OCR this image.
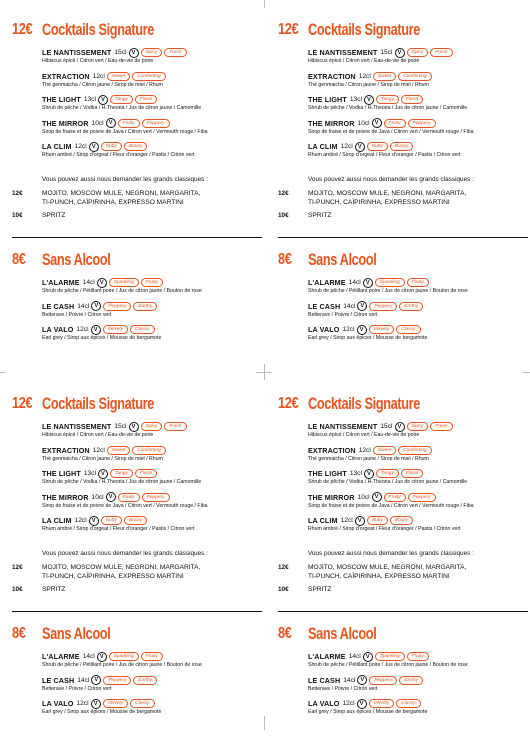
12€ Cocktails Signature
LE NANTISSEMENT 15cl V	Spicy	Fresh
Hibiscus épicé / Citron vert / Eau-de-vie de poire
EXTRACTION 12cl	Sweet	Comforting
Thé genmaicha / Citron jaune / Sirop de miel / Rhum
THE LIGHT 13cl V	Tangy	Floral
Shrub de pêche / Vodka / H.Theoria / Jus de citron jaune / Camomille
THE MIRROR 10cl V	Fruity	Peppery
Sirop de fraise et de poivre de Java / Citron vert / Vermouth rouge / Fiba
LA CLIM 12cl V	Nutty	Boozy
Rhum ambré / Sirop d'orgeat / Fleur d'oranger / Pastis / Citron vert
Vous pouvez aussi nous demander les grands classiques :
12€	MOJITO, MOSCOW MULE, NEGRONI, MARGARITA,
TI-PUNCH, CAÏPIRINHA, EXPRESSO MARTINI
10€	SPRITZ
8€ Sans Alcool
L'ALARME 14cl V	Sparkling	Fruity
Shrub de pêche / Pétillant poire / Jus de citron jaune / Bouton de rose
LE CASH 14cl V	Peppery	Earthy
Betterave / Poivre / Citron vert
LA VALO 12cl V	Velvety	Classy
Earl grey / Sirop aux épices / Mousse de bergamote
12€ Cocktails Signature
LE NANTISSEMENT 15cl V	Spicy	Fresh
Hibiscus épicé / Citron vert / Eau-de-vie de poire
EXTRACTION 12cl	Sweet	Comforting
Thé genmaicha / Citron jaune / Sirop de miel / Rhum
THE LIGHT 13cl V	Tangy	Floral
Shrub de pêche / Vodka / H.Theoria / Jus de citron jaune / Camomille
THE MIRROR 10cl V	Fruity	Peppery
Sirop de fraise et de poivre de Java / Citron vert / Vermouth rouge / Fiba
LA CLIM 12cl V	Nutty	Boozy
Rhum ambré / Sirop d'orgeat / Fleur d'oranger / Pastis / Citron vert
Vous pouvez aussi nous demander les grands classiques :
12€	MOJITO, MOSCOW MULE, NEGRONI, MARGARITA,
TI-PUNCH, CAÏPIRINHA, EXPRESSO MARTINI
10€	SPRITZ
8€ Sans Alcool
L'ALARME 14cl V	Sparkling	Fruity
Shrub de pêche / Pétillant poire / Jus de citron jaune / Bouton de rose
LE CASH 14cl V	Peppery	Earthy
Betterave / Poivre / Citron vert
LA VALO 12cl V	Velvety	Classy
Earl grey / Sirop aux épices / Mousse de bergamote
12€ Cocktails Signature
LE NANTISSEMENT 15cl V	Spicy	Fresh
Hibiscus épicé / Citron vert / Eau-de-vie de poire
EXTRACTION 12cl	Sweet	Comforting
Thé genmaicha / Citron jaune / Sirop de miel / Rhum
THE LIGHT 13cl V	Tangy	Floral
Shrub de pêche / Vodka / H.Theoria / Jus de citron jaune / Camomille
THE MIRROR 10cl V	Fruity	Peppery
Sirop de fraise et de poivre de Java / Citron vert / Vermouth rouge / Fiba
LA CLIM 12cl V	Nutty	Boozy
Rhum ambré / Sirop d'orgeat / Fleur d'oranger / Pastis / Citron vert
Vous pouvez aussi nous demander les grands classiques :
12€	MOJITO, MOSCOW MULE, NEGRONI, MARGARITA,
TI-PUNCH, CAÏPIRINHA, EXPRESSO MARTINI
10€	SPRITZ
8€ Sans Alcool
L'ALARME 14cl V	Sparkling	Fruity
Shrub de pêche / Pétillant poire / Jus de citron jaune / Bouton de rose
LE CASH 14cl V	Peppery	Earthy
Betterave / Poivre / Citron vert
LA VALO 12cl V	Velvety	Classy
Earl grey / Sirop aux épices / Mousse de bergamote
12€ Cocktails Signature
LE NANTISSEMENT 15cl V	Spicy	Fresh
Hibiscus épicé / Citron vert / Eau-de-vie de poire
EXTRACTION 12cl	Sweet	Comforting
Thé genmaicha / Citron jaune / Sirop de miel / Rhum
THE LIGHT 13cl V	Tangy	Floral
Shrub de pêche / Vodka / H.Theoria / Jus de citron jaune / Camomille
THE MIRROR 10cl V	Fruity	Peppery
Sirop de fraise et de poivre de Java / Citron vert / Vermouth rouge / Fiba
LA CLIM 12cl V	Nutty	Boozy
Rhum ambré / Sirop d'orgeat / Fleur d'oranger / Pastis / Citron vert
Vous pouvez aussi nous demander les grands classiques :
12€	MOJITO, MOSCOW MULE, NEGRONI, MARGARITA,
TI-PUNCH, CAÏPIRINHA, EXPRESSO MARTINI
10€	SPRITZ
8€ Sans Alcool
L'ALARME 14cl V	Sparkling	Fruity
Shrub de pêche / Pétillant poire / Jus de citron jaune / Bouton de rose
LE CASH 14cl V	Peppery	Earthy
Betterave / Poivre / Citron vert
LA VALO 12cl V	Velvety	Classy
Earl grey / Sirop aux épices / Mousse de bergamote
